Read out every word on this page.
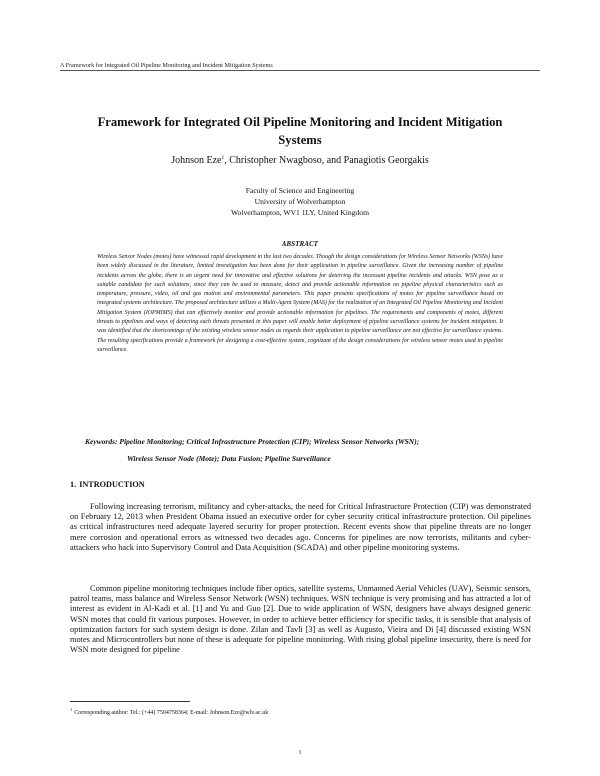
A Framework for Integrated Oil Pipeline Monitoring and Incident Mitigation Systems
Framework for Integrated Oil Pipeline Monitoring and Incident Mitigation Systems
Johnson Eze$^1$, Christopher Nwagboso, and Panagiotis Georgakis
Faculty of Science and Engineering
University of Wolverhampton
Wolverhampton, WV1 1LY, United Kingdom
ABSTRACT

Wireless Sensor Nodes (motes) have witnessed rapid development in the last two decades. Though the design considerations for Wireless Sensor Networks (WSNs) have been widely discussed in the literature, limited investigation has been done for their application in pipeline surveillance. Given the increasing number of pipeline incidents across the globe, there is an urgent need for innovative and effective solutions for deterring the incessant pipeline incidents and attacks. WSN pose as a suitable candidate for such solutions, since they can be used to measure, detect and provide actionable information on pipeline physical characteristics such as temperature, pressure, video, oil and gas motion and environmental parameters. This paper presents specifications of motes for pipeline surveillance based on integrated systems architecture. The proposed architecture utilizes a Multi-Agent System (MAS) for the realization of an Integrated Oil Pipeline Monitoring and Incident Mitigation System (IOPMIMS) that can effectively monitor and provide actionable information for pipelines. The requirements and components of motes, different threats to pipelines and ways of detecting such threats presented in this paper will enable better deployment of pipeline surveillance systems for incident mitigation. It was identified that the shortcomings of the existing wireless sensor nodes as regards their application to pipeline surveillance are not effective for surveillance systems. The resulting specifications provide a framework for designing a cost-effective system, cognizant of the design considerations for wireless sensor motes used in pipeline surveillance.

Keywords: Pipeline Monitoring; Critical Infrastructure Protection (CIP); Wireless Sensor Networks (WSN);
Wireless Sensor Node (Mote); Data Fusion; Pipeline Surveillance

1. INTRODUCTION

Following increasing terrorism, militancy and cyber-attacks, the need for Critical Infrastructure Protection (CIP) was demonstrated on February 12, 2013 when President Obama issued an executive order for cyber security critical infrastructure protection. Oil pipelines as critical infrastructures need adequate layered security for proper protection. Recent events show that pipeline threats are no longer mere corrosion and operational errors as witnessed two decades ago. Concerns for pipelines are now terrorists, militants and cyber-attackers who hack into Supervisory Control and Data Acquisition (SCADA) and other pipeline monitoring systems.

Common pipeline monitoring techniques include fiber optics, satellite systems, Unmanned Aerial Vehicles (UAV), Seismic sensors, patrol teams, mass balance and Wireless Sensor Network (WSN) techniques. WSN technique is very promising and has attracted a lot of interest as evident in Al-Kadi et al. [1] and Yu and Guo [2]. Due to wide application of WSN, designers have always designed generic WSN motes that could fit various purposes. However, in order to achieve better efficiency for specific tasks, it is sensible that analysis of optimization factors for such system design is done. Zilan and Tavli [3] as well as Augusto, Vieira and Di [4] discussed existing WSN motes and Microcontrollers but none of these is adequate for pipeline monitoring. With rising global pipeline insecurity, there is need for WSN mote designed for pipeline

$^1$Corresponding author: Tel.: (+44) 7504758364; E-mail: Johnson.Eze@wlv.ac.uk
1
